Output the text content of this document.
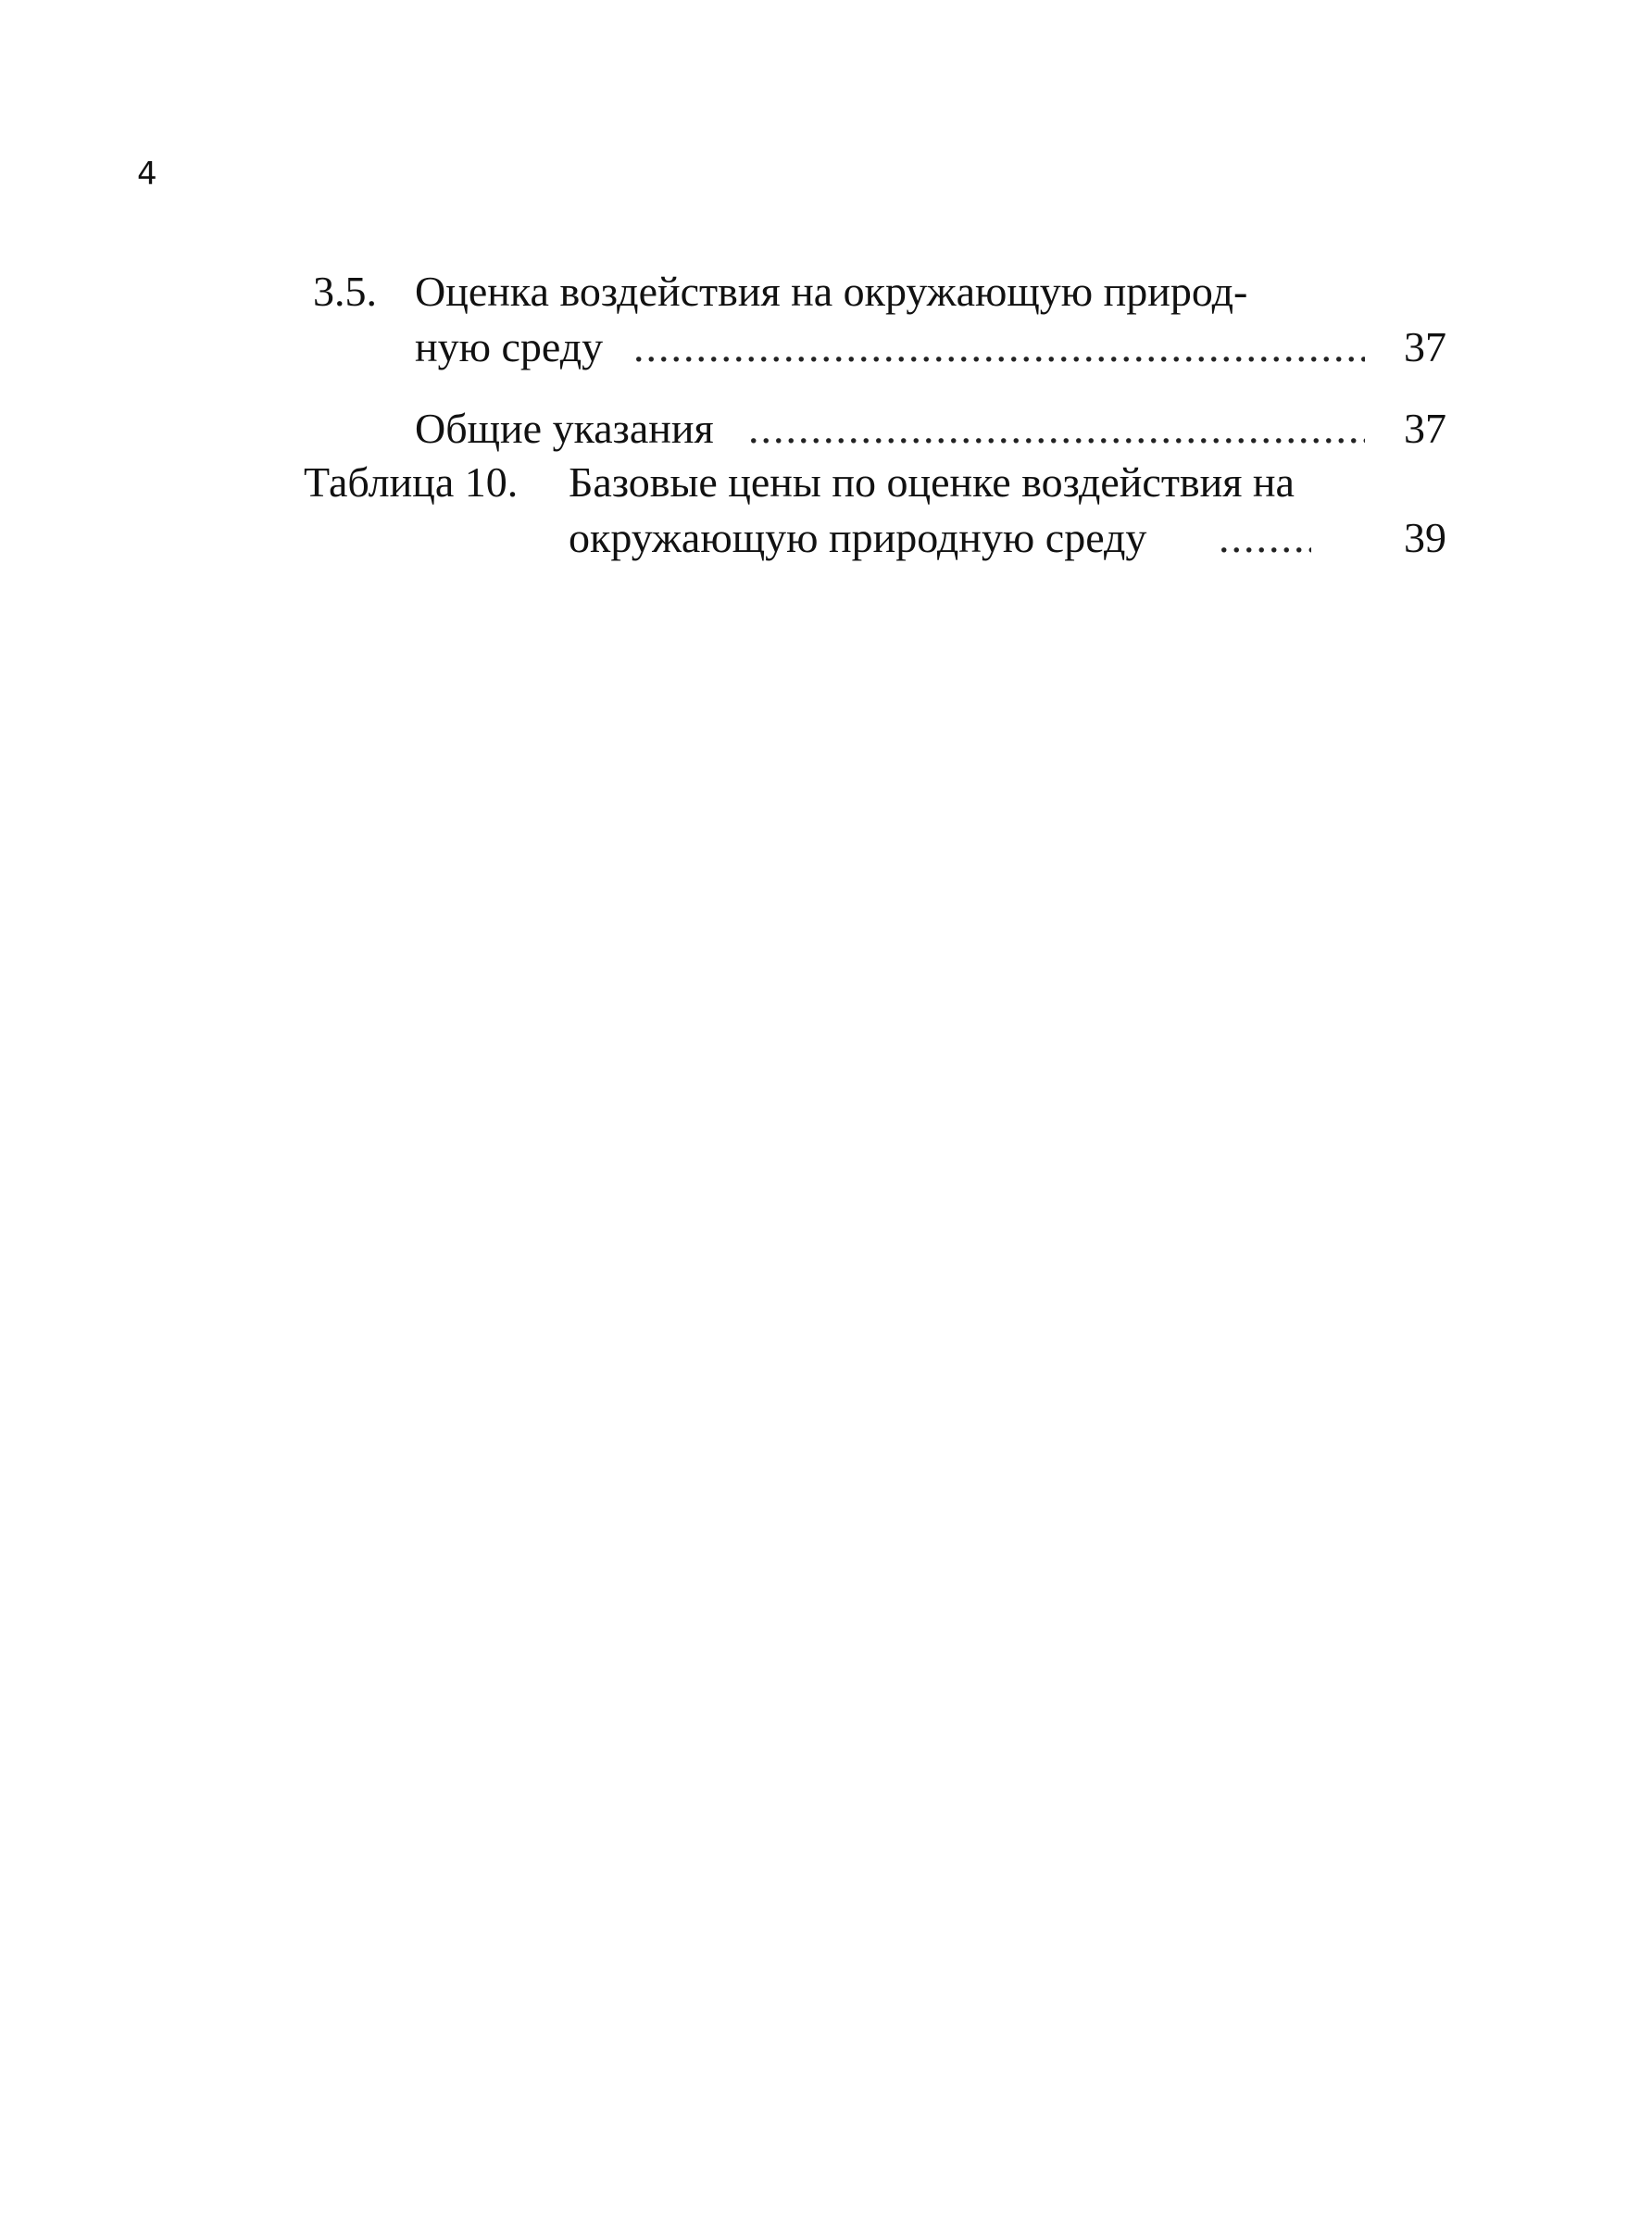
4
3.5. Оценка воздействия на окружающую природ-
ную среду .....	37
Общие указания .....	37
Таблица 10. Базовые цены по оценке воздействия на
окружающую природную среду .....	39
